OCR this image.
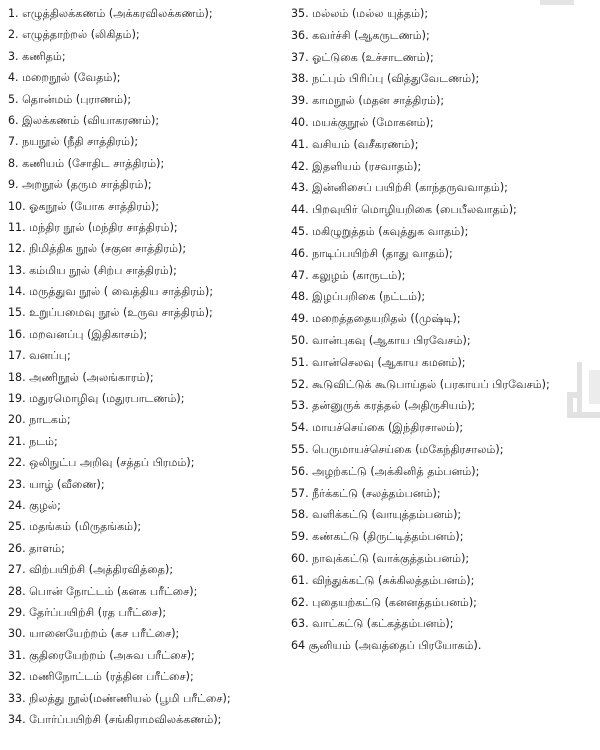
1. எழுத்திலக்கணம் (அக்கரவிலக்கணம்);
2. எழுத்தாற்றல் (லிகிதம்);
3. கணிதம்;
4. மறைநூல் (வேதம்);
5. தொன்மம் (புராணம்);
6. இலக்கணம் (வியாகரணம்);
7. நயநூல் (நீதி சாத்திரம்);
8. கணியம் (சோதிட சாத்திரம்);
9. அறநூல் (தரும சாத்திரம்);
10. ஓகநூல் (யோக சாத்திரம்);
11. மந்திர நூல் (மந்திர சாத்திரம்);
12. நிமித்திக நூல் (சகுன சாத்திரம்);
13. கம்மிய நூல் (சிற்ப சாத்திரம்);
14. மருத்துவ நூல் ( வைத்திய சாத்திரம்);
15. உறுப்பமைவு நூல் (உருவ சாத்திரம்);
16. மறவனப்பு (இதிகாசம்);
17. வனப்பு;
18. அணிநூல் (அலங்காரம்);
19. மதுரமொழிவு (மதுரபாடணம்);
20. நாடகம்;
21. நடம்;
22. ஒலிநுட்ப அறிவு (சத்தப் பிரமம்);
23. யாழ் (வீணை);
24. குழல்;
25. மதங்கம் (மிருதங்கம்);
26. தாளம்;
27. விற்பயிற்சி (அத்திரவித்தை);
28. பொன் நோட்டம் (கனக பரீட்சை);
29. தேர்ப்பயிற்சி (ரத பரீட்சை);
30. யானையேற்றம் (கச பரீட்சை);
31. குதிரையேற்றம் (அசுவ பரீட்சை);
32. மணிநோட்டம் (ரத்தின பரீட்சை);
33. நிலத்து நூல்(மண்ணியல் (பூமி பரீட்சை);
34. போர்ப்பயிற்சி (சங்கிராமவிலக்கணம்);
35. மல்லம் (மல்ல யுத்தம்);
36. கவர்ச்சி (ஆகருடணம்);
37. ஓட்டுகை (உச்சாடணம்);
38. நட்பும் பிரிப்பு (வித்துவேடணம்);
39. காமநூல் (மதன சாத்திரம்);
40. மயக்குநூல் (மோகனம்);
41. வசியம் (வசீகரணம்);
42. இதளியம் (ரசவாதம்);
43. இன்னிசைப் பயிற்சி (காந்தருவவாதம்);
44. பிறவுயிர் மொழியறிகை (பைபீலவாதம்);
45. மகிழுறுத்தம் (கவுத்துக வாதம்);
46. நாடிப்பயிற்சி (தாது வாதம்);
47. கலுழம் (காருடம்);
48. இழப்பறிகை (நட்டம்);
49. மறைத்ததையறிதல் ((முஷ்டி);
50. வான்புகவு (ஆகாய பிரவேசம்);
51. வான்செலவு (ஆகாய கமனம்);
52. கூடுவிட்டுக் கூடுபாய்தல் (பரகாயப் பிரவேசம்);
53. தன்னுருக் கரத்தல் (அதிருசியம்);
54. மாயச்செய்கை (இந்திரசாலம்);
55. பெருமாயச்செய்கை (மகேந்திரசாலம்);
56. அழற்கட்டு (அக்கினித் தம்பனம்);
57. நீர்க்கட்டு (சலத்தம்பனம்);
58. வளிக்கட்டு (வாயுத்தம்பனம்);
59. கண்கட்டு (திருட்டித்தம்பனம்);
60. நாவுக்கட்டு (வாக்குத்தம்பனம்);
61. விந்துக்கட்டு (சுக்கிலத்தம்பனம்);
62. புதையற்கட்டு (கனனத்தம்பனம்);
63. வாட்கட்டு (கட்கத்தம்பனம்);
64 சூனியம் (அவத்தைப் பிரயோகம்).
